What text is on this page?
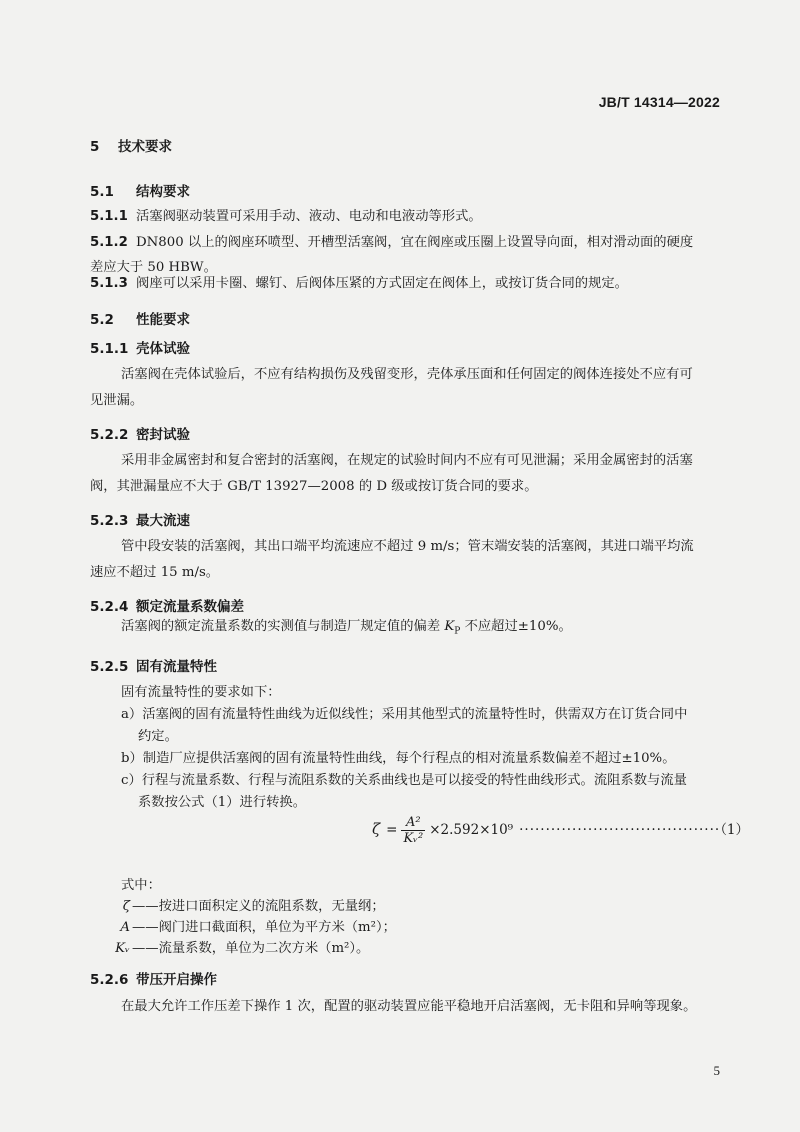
JB/T 14314—2022
5 技术要求
5.1 结构要求
5.1.1 活塞阀驱动装置可采用手动、液动、电动和电液动等形式。
5.1.2 DN800 以上的阀座环喷型、开槽型活塞阀，宜在阀座或压圈上设置导向面，相对滑动面的硬度
差应大于 50 HBW。
5.1.3 阀座可以采用卡圈、螺钉、后阀体压紧的方式固定在阀体上，或按订货合同的规定。
5.2 性能要求
5.1.1 壳体试验
活塞阀在壳体试验后，不应有结构损伤及残留变形，壳体承压面和任何固定的阀体连接处不应有可
见泄漏。
5.2.2 密封试验
采用非金属密封和复合密封的活塞阀，在规定的试验时间内不应有可见泄漏；采用金属密封的活塞
阀，其泄漏量应不大于 GB/T 13927—2008 的 D 级或按订货合同的要求。
5.2.3 最大流速
管中段安装的活塞阀，其出口端平均流速应不超过 9 m/s；管末端安装的活塞阀，其进口端平均流
速应不超过 15 m/s。
5.2.4 额定流量系数偏差
活塞阀的额定流量系数的实测值与制造厂规定值的偏差 $K_P$ 不应超过±10%。
5.2.5 固有流量特性
固有流量特性的要求如下：
a）活塞阀的固有流量特性曲线为近似线性；采用其他型式的流量特性时，供需双方在订货合同中
约定。
b）制造厂应提供活塞阀的固有流量特性曲线，每个行程点的相对流量系数偏差不超过±10%。
c）行程与流量系数、行程与流阻系数的关系曲线也是可以接受的特性曲线形式。流阻系数与流量
系数按公式（1）进行转换。
$\zeta = \frac{\text{A²}}{\text{Kᵥ²}} \times 2.592\times 10^9 \cdot\cdot\cdot\cdot\cdot\cdot\cdot\cdot\cdot\cdot\cdot\cdot\cdot\cdot\cdot\cdot\cdot\cdot\cdot\cdot\cdot\cdot\cdot\cdot\cdot\cdot\cdot\cdot\cdot\cdot\cdot\cdot\cdot\cdot\cdot\cdot\cdot\cdot(1)$
式中：
ζ ——按进口面积定义的流阻系数，无量纲；
A ——阀门进口截面积，单位为平方米（m²）；
Kᵥ ——流量系数，单位为二次方米（m²）。
5.2.6 带压开启操作
在最大允许工作压差下操作 1 次，配置的驱动装置应能平稳地开启活塞阀，无卡阻和异响等现象。
5
